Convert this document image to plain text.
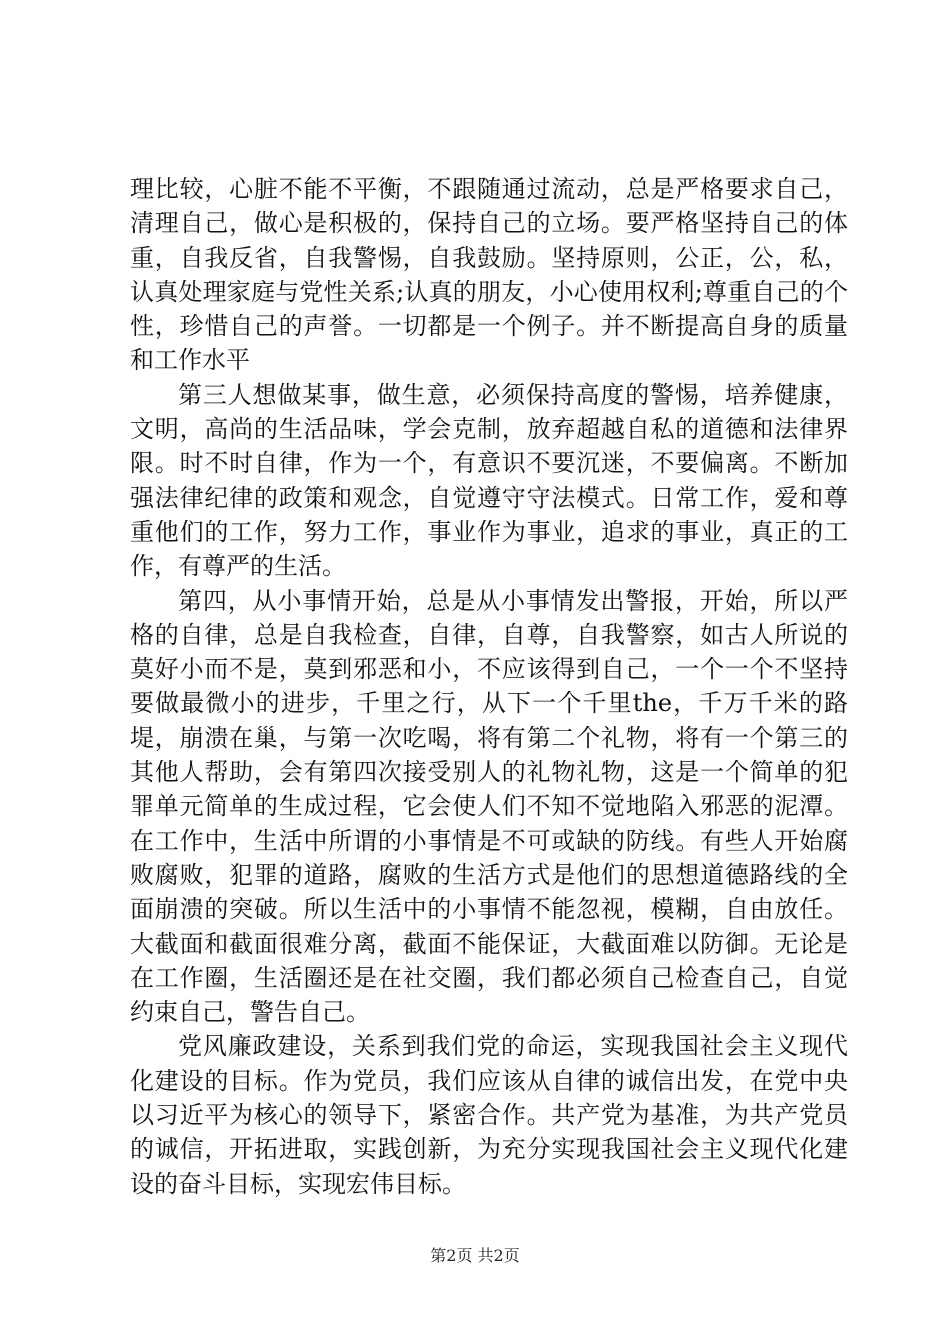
理比较，心脏不能不平衡，不跟随通过流动，总是严格要求自己，清理自己，做心是积极的，保持自己的立场。要严格坚持自己的体重，自我反省，自我警惕，自我鼓励。坚持原则，公正，公，私，认真处理家庭与党性关系;认真的朋友，小心使用权利;尊重自己的个性，珍惜自己的声誉。一切都是一个例子。并不断提高自身的质量和工作水平

第三人想做某事，做生意，必须保持高度的警惕，培养健康，文明，高尚的生活品味，学会克制，放弃超越自私的道德和法律界限。时不时自律，作为一个，有意识不要沉迷，不要偏离。不断加强法律纪律的政策和观念，自觉遵守守法模式。日常工作，爱和尊重他们的工作，努力工作，事业作为事业，追求的事业，真正的工作，有尊严的生活。

第四，从小事情开始，总是从小事情发出警报，开始，所以严格的自律，总是自我检查，自律，自尊，自我警察，如古人所说的莫好小而不是，莫到邪恶和小，不应该得到自己，一个一个不坚持要做最微小的进步，千里之行，从下一个千里the，千万千米的路堤，崩溃在巢，与第一次吃喝，将有第二个礼物，将有一个第三的其他人帮助，会有第四次接受别人的礼物礼物，这是一个简单的犯罪单元简单的生成过程，它会使人们不知不觉地陷入邪恶的泥潭。在工作中，生活中所谓的小事情是不可或缺的防线。有些人开始腐败腐败，犯罪的道路，腐败的生活方式是他们的思想道德路线的全面崩溃的突破。所以生活中的小事情不能忽视，模糊，自由放任。大截面和截面很难分离，截面不能保证，大截面难以防御。无论是在工作圈，生活圈还是在社交圈，我们都必须自己检查自己，自觉约束自己，警告自己。

党风廉政建设，关系到我们党的命运，实现我国社会主义现代化建设的目标。作为党员，我们应该从自律的诚信出发，在党中央以习近平为核心的领导下，紧密合作。共产党为基准，为共产党员的诚信，开拓进取，实践创新，为充分实现我国社会主义现代化建设的奋斗目标，实现宏伟目标。

第2页 共2页
